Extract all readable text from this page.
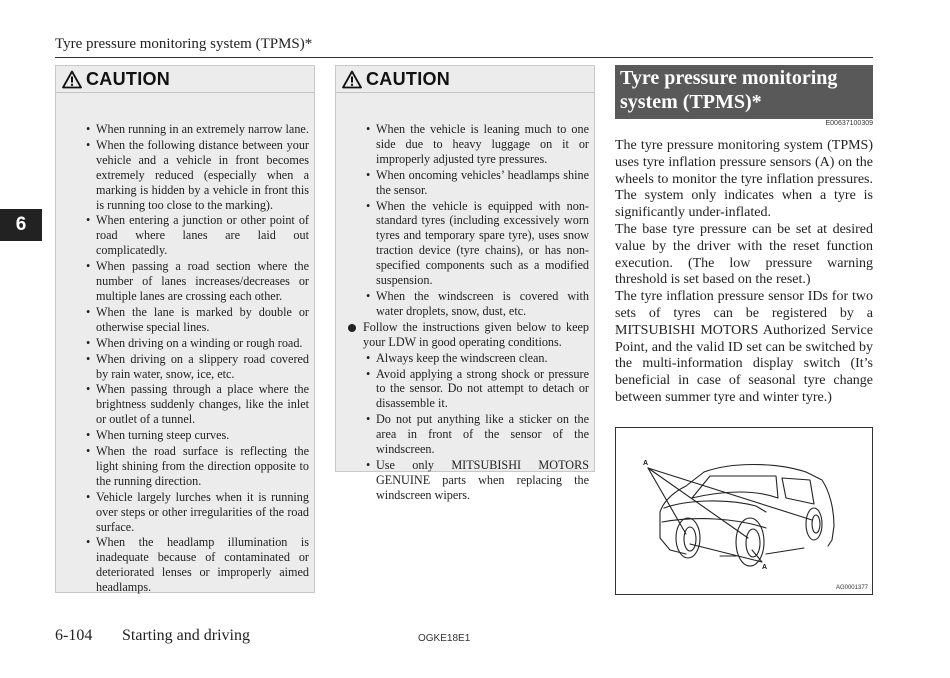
Tyre pressure monitoring system (TPMS)*
6
CAUTION
• When running in an extremely narrow lane.
• When the following distance between your vehicle and a vehicle in front becomes extremely reduced (especially when a marking is hidden by a vehicle in front this is running too close to the marking).
• When entering a junction or other point of road where lanes are laid out complicatedly.
• When passing a road section where the number of lanes increases/decreases or multiple lanes are crossing each other.
• When the lane is marked by double or otherwise special lines.
• When driving on a winding or rough road.
• When driving on a slippery road covered by rain water, snow, ice, etc.
• When passing through a place where the brightness suddenly changes, like the inlet or outlet of a tunnel.
• When turning steep curves.
• When the road surface is reflecting the light shining from the direction opposite to the running direction.
• Vehicle largely lurches when it is running over steps or other irregularities of the road surface.
• When the headlamp illumination is inadequate because of contaminated or deteriorated lenses or improperly aimed headlamps.
CAUTION
• When the vehicle is leaning much to one side due to heavy luggage on it or improperly adjusted tyre pressures.
• When oncoming vehicles’ headlamps shine the sensor.
• When the vehicle is equipped with non-standard tyres (including excessively worn tyres and temporary spare tyre), uses snow traction device (tyre chains), or has non-specified components such as a modified suspension.
• When the windscreen is covered with water droplets, snow, dust, etc.
Follow the instructions given below to keep your LDW in good operating conditions.
• Always keep the windscreen clean.
• Avoid applying a strong shock or pressure to the sensor. Do not attempt to detach or disassemble it.
• Do not put anything like a sticker on the area in front of the sensor of the windscreen.
• Use only MITSUBISHI MOTORS GENUINE parts when replacing the windscreen wipers.
Tyre pressure monitoring system (TPMS)*
E00637100309

The tyre pressure monitoring system (TPMS) uses tyre inflation pressure sensors (A) on the wheels to monitor the tyre inflation pressures. The system only indicates when a tyre is significantly under-inflated.

The base tyre pressure can be set at desired value by the driver with the reset function execution. (The low pressure warning threshold is set based on the reset.)

The tyre inflation pressure sensor IDs for two sets of tyres can be registered by a MITSUBISHI MOTORS Authorized Service Point, and the valid ID set can be switched by the multi-information display switch (It’s beneficial in case of seasonal tyre change between summer tyre and winter tyre.)

A
A
AG0001377
6-104 Starting and driving	OGKE18E1
